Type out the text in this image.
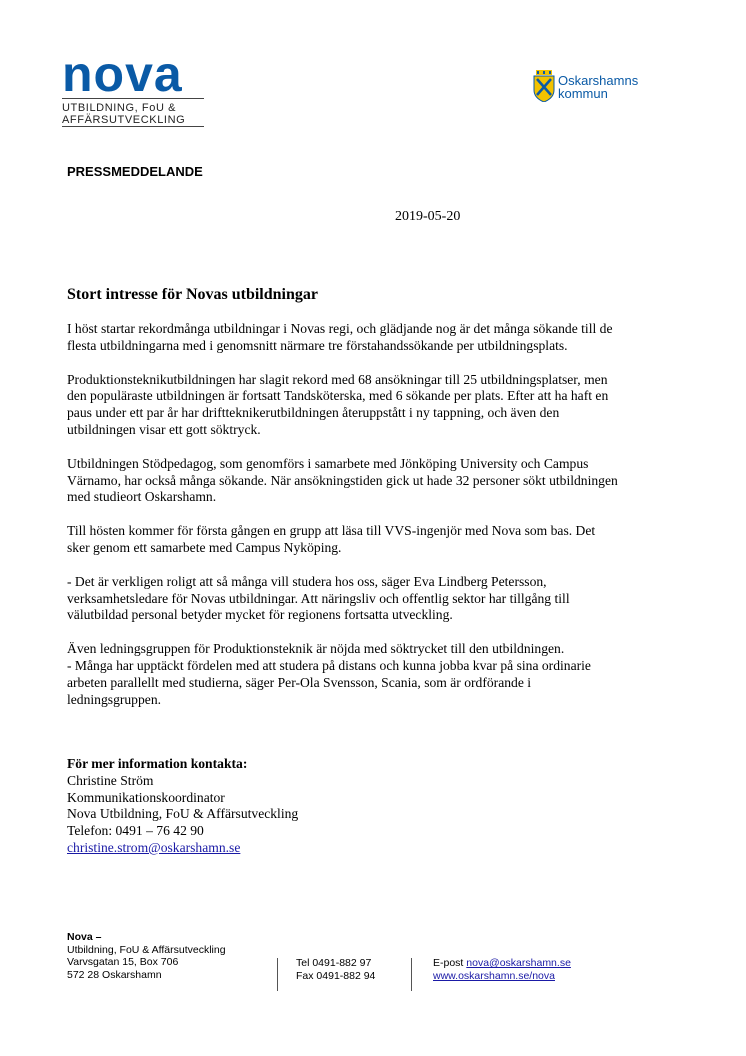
nova
UTBILDNING, FoU &
AFFÄRSUTVECKLING
Oskarshamns
kommun
PRESSMEDDELANDE
2019-05-20
Stort intresse för Novas utbildningar

I höst startar rekordmånga utbildningar i Novas regi, och glädjande nog är det många sökande till de
flesta utbildningarna med i genomsnitt närmare tre förstahandssökande per utbildningsplats.

Produktionsteknikutbildningen har slagit rekord med 68 ansökningar till 25 utbildningsplatser, men
den populäraste utbildningen är fortsatt Tandsköterska, med 6 sökande per plats. Efter att ha haft en
paus under ett par år har driftteknikerutbildningen återuppstått i ny tappning, och även den
utbildningen visar ett gott söktryck.

Utbildningen Stödpedagog, som genomförs i samarbete med Jönköping University och Campus
Värnamo, har också många sökande. När ansökningstiden gick ut hade 32 personer sökt utbildningen
med studieort Oskarshamn.

Till hösten kommer för första gången en grupp att läsa till VVS-ingenjör med Nova som bas. Det
sker genom ett samarbete med Campus Nyköping.

- Det är verkligen roligt att så många vill studera hos oss, säger Eva Lindberg Petersson,
verksamhetsledare för Novas utbildningar. Att näringsliv och offentlig sektor har tillgång till
välutbildad personal betyder mycket för regionens fortsatta utveckling.

Även ledningsgruppen för Produktionsteknik är nöjda med söktrycket till den utbildningen.
- Många har upptäckt fördelen med att studera på distans och kunna jobba kvar på sina ordinarie
arbeten parallellt med studierna, säger Per-Ola Svensson, Scania, som är ordförande i
ledningsgruppen.

För mer information kontakta:
Christine Ström
Kommunikationskoordinator
Nova Utbildning, FoU & Affärsutveckling
Telefon: 0491 – 76 42 90
christine.strom@oskarshamn.se
Nova –
Utbildning, FoU & Affärsutveckling
Varvsgatan 15, Box 706
572 28 Oskarshamn
Tel 0491-882 97
Fax 0491-882 94
E-post nova@oskarshamn.se
www.oskarshamn.se/nova
